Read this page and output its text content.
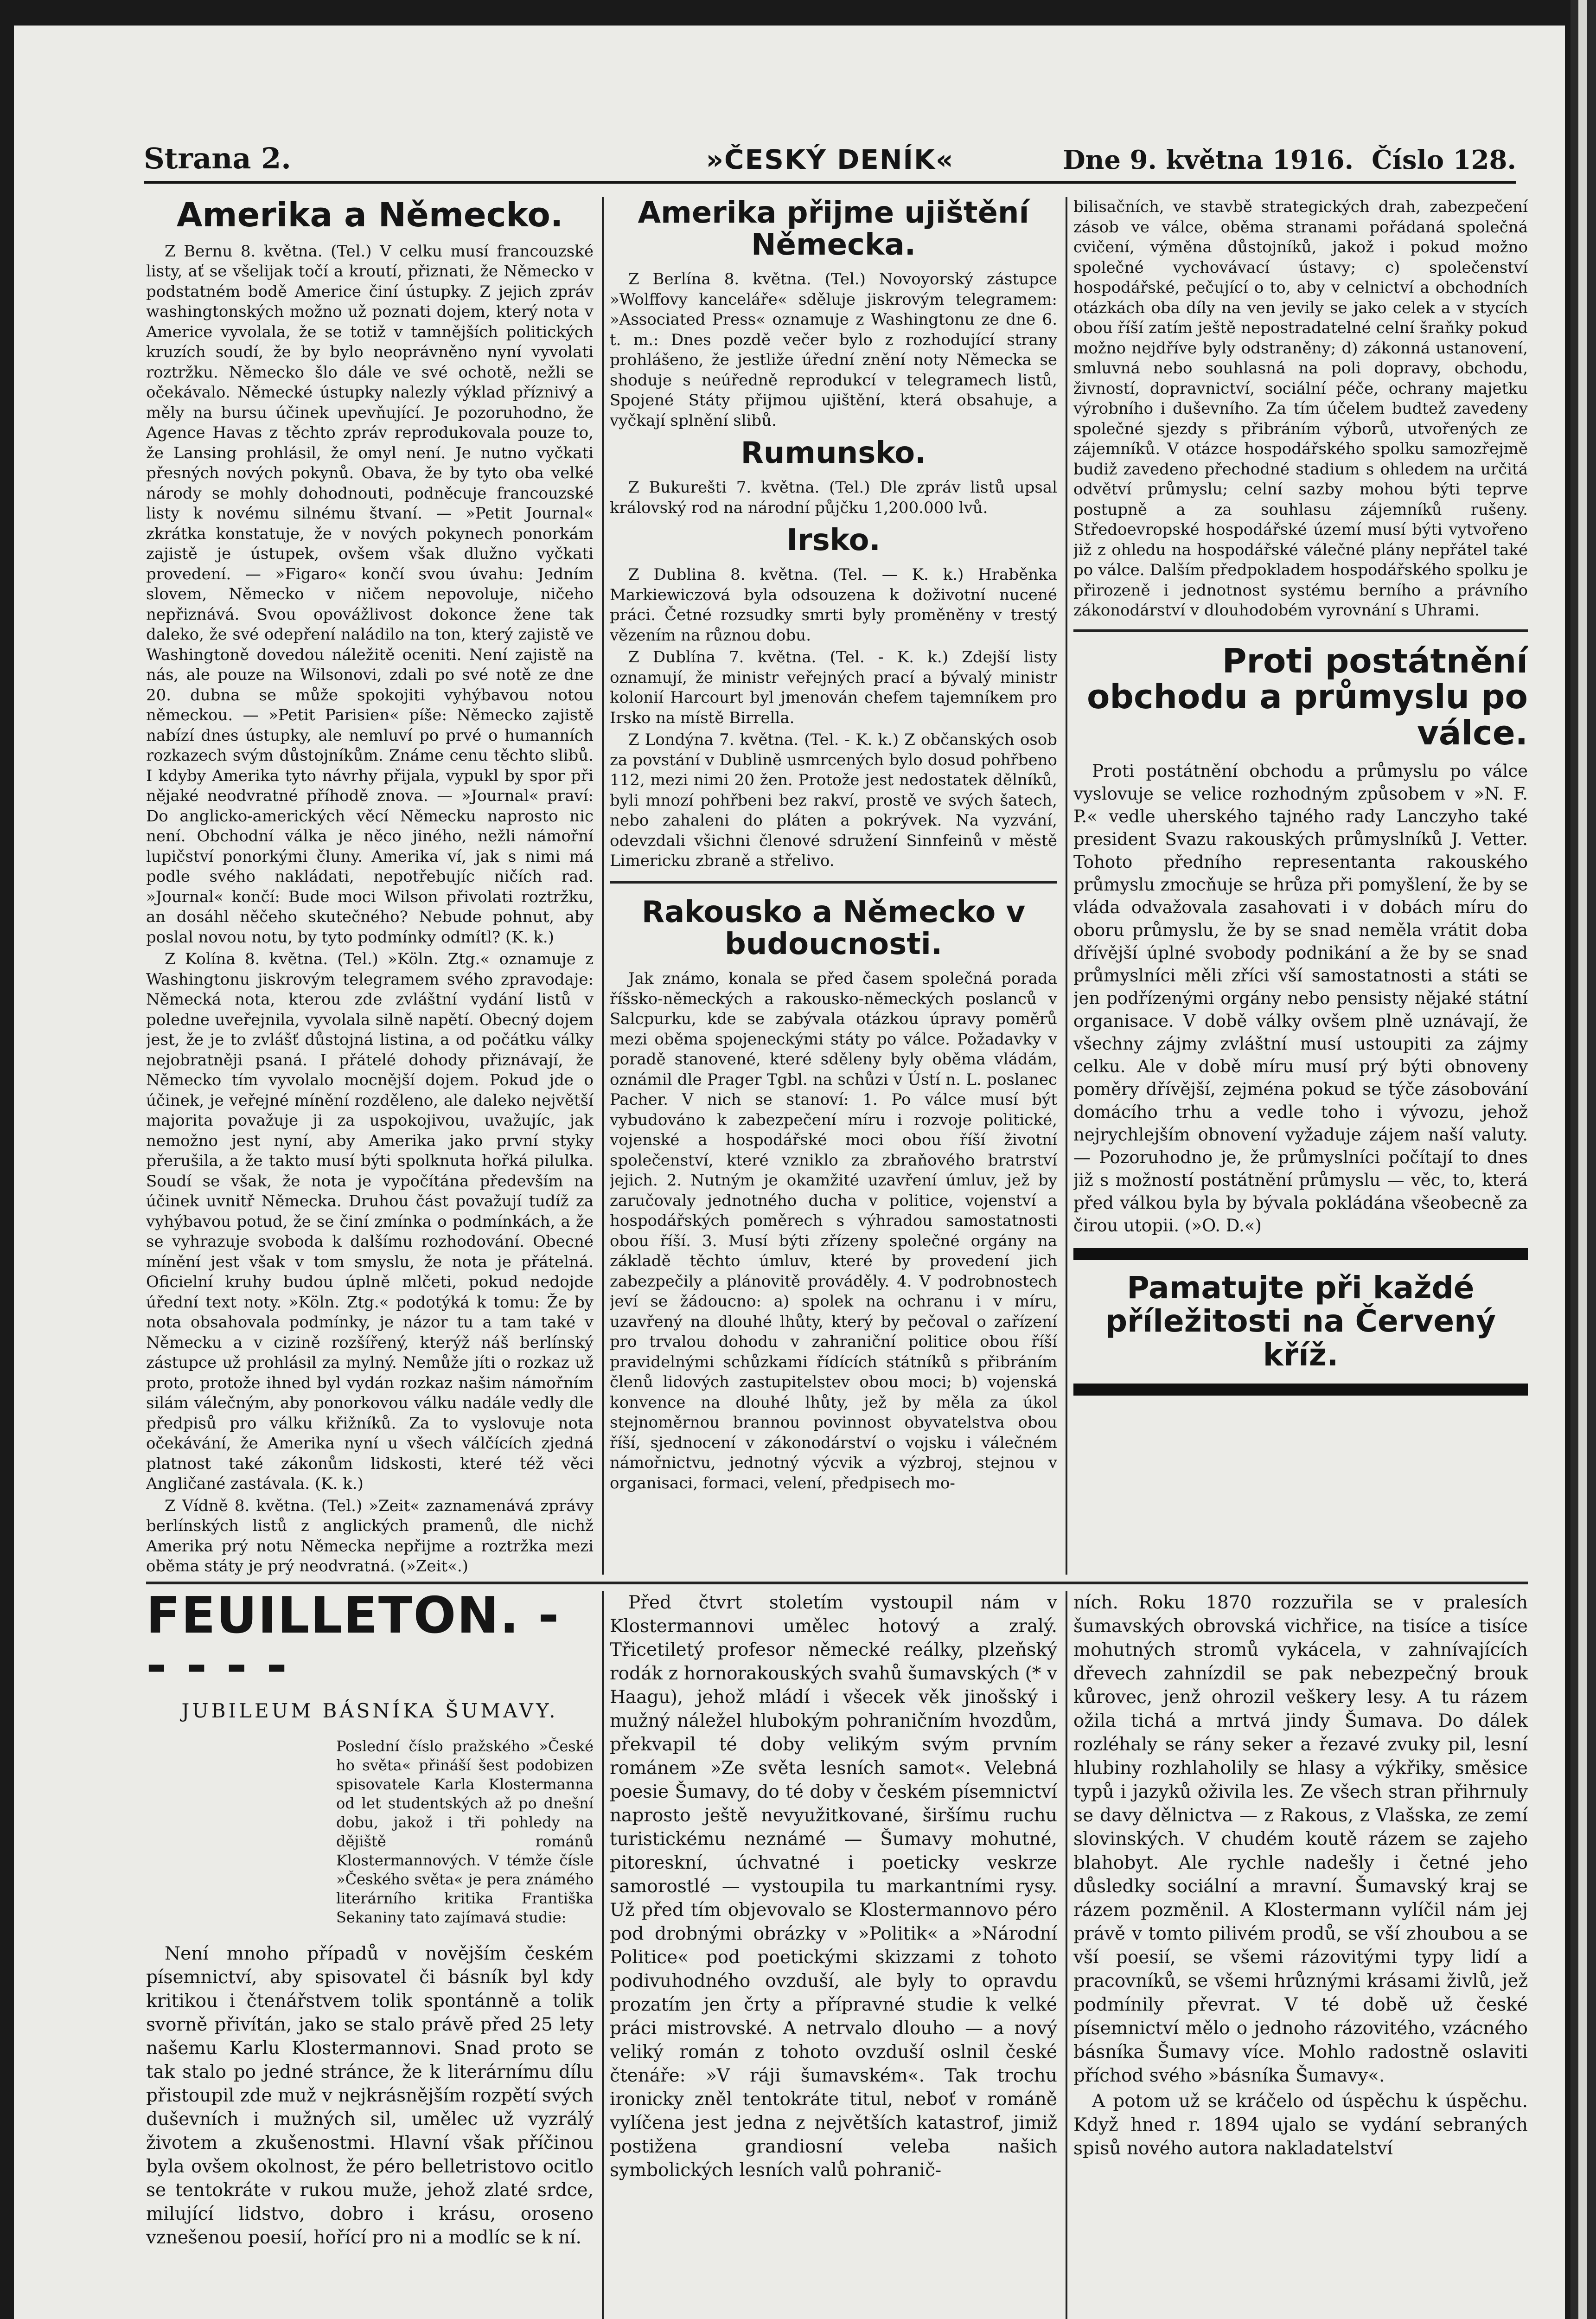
Strana 2.	»ČESKÝ DENÍK«	Dne 9. května 1916. Číslo 128.
Amerika a Německo.

Z Bernu 8. května. (Tel.) V celku musí francouzské listy, ať se všelijak točí a kroutí, přiznati, že Německo v podstatném bodě Americe činí ústupky. Z jejich zpráv washingtonských možno už poznati dojem, který nota v Americe vyvolala, že se totiž v tamnějších politických kruzích soudí, že by bylo neoprávněno nyní vyvolati roztržku. Německo šlo dále ve své ochotě, nežli se očekávalo. Německé ústupky nalezly výklad příznivý a měly na bursu účinek upevňující. Je pozoruhodno, že Agence Havas z těchto zpráv reprodukovala pouze to, že Lansing prohlásil, že omyl není. Je nutno vyčkati přesných nových pokynů. Obava, že by tyto oba velké národy se mohly dohodnouti, podněcuje francouzské listy k novému silnému štvaní. — »Petit Journal« zkrátka konstatuje, že v nových pokynech ponorkám zajistě je ústupek, ovšem však dlužno vyčkati provedení. — »Figaro« končí svou úvahu: Jedním slovem, Německo v ničem nepovoluje, ničeho nepřiznává. Svou opovážlivost dokonce žene tak daleko, že své odepření naládilo na ton, který zajistě ve Washingtoně dovedou náležitě oceniti. Není zajistě na nás, ale pouze na Wilsonovi, zdali po své notě ze dne 20. dubna se může spokojiti vyhýbavou notou německou. — »Petit Parisien« píše: Německo zajistě nabízí dnes ústupky, ale nemluví po prvé o humanních rozkazech svým důstojníkům. Známe cenu těchto slibů. I kdyby Amerika tyto návrhy přijala, vypukl by spor při nějaké neodvratné příhodě znova. — »Journal« praví: Do anglicko-amerických věcí Německu naprosto nic není. Obchodní válka je něco jiného, nežli námořní lupičství ponorkými čluny. Amerika ví, jak s nimi má podle svého nakládati, nepotřebujíc ničích rad. »Journal« končí: Bude moci Wilson přivolati roztržku, an dosáhl něčeho skutečného? Nebude pohnut, aby poslal novou notu, by tyto podmínky odmítl? (K. k.)

Z Kolína 8. května. (Tel.) »Köln. Ztg.« oznamuje z Washingtonu jiskrovým telegramem svého zpravodaje: Německá nota, kterou zde zvláštní vydání listů v poledne uveřejnila, vyvolala silně napětí. Obecný dojem jest, že je to zvlášť důstojná listina, a od počátku války nejobratněji psaná. I přátelé dohody přiznávají, že Německo tím vyvolalo mocnější dojem. Pokud jde o účinek, je veřejné mínění rozděleno, ale daleko největší majorita považuje ji za uspokojivou, uvažujíc, jak nemožno jest nyní, aby Amerika jako první styky přerušila, a že takto musí býti spolknuta hořká pilulka. Soudí se však, že nota je vypočítána především na účinek uvnitř Německa. Druhou část považují tudíž za vyhýbavou potud, že se činí zmínka o podmínkách, a že se vyhrazuje svoboda k dalšímu rozhodování. Obecné mínění jest však v tom smyslu, že nota je přátelná. Oficielní kruhy budou úplně mlčeti, pokud nedojde úřední text noty. »Köln. Ztg.« podotýká k tomu: Že by nota obsahovala podmínky, je názor tu a tam také v Německu a v cizině rozšířený, kterýž náš berlínský zástupce už prohlásil za mylný. Nemůže jíti o rozkaz už proto, protože ihned byl vydán rozkaz našim námořním silám válečným, aby ponorkovou válku nadále vedly dle předpisů pro válku křižníků. Za to vyslovuje nota očekávání, že Amerika nyní u všech válčících zjedná platnost také zákonům lidskosti, které též věci Angličané zastávala. (K. k.)

Z Vídně 8. května. (Tel.) »Zeit« zaznamenává zprávy berlínských listů z anglických pramenů, dle nichž Amerika prý notu Německa nepřijme a roztržka mezi oběma státy je prý neodvratná. (»Zeit«.)

Amerika přijme ujištění Německa.

Z Berlína 8. května. (Tel.) Novoyorský zástupce »Wolffovy kanceláře« sděluje jiskrovým telegramem: »Associated Press« oznamuje z Washingtonu ze dne 6. t. m.: Dnes pozdě večer bylo z rozhodující strany prohlášeno, že jestliže úřední znění noty Německa se shoduje s neúředně reprodukcí v telegramech listů, Spojené Státy přijmou ujištění, která obsahuje, a vyčkají splnění slibů.

Rumunsko.

Z Bukurešti 7. května. (Tel.) Dle zpráv listů upsal královský rod na národní půjčku 1,200.000 lvů.

Irsko.

Z Dublina 8. května. (Tel. — K. k.) Hraběnka Markiewiczová byla odsouzena k doživotní nucené práci. Četné rozsudky smrti byly proměněny v trestý vězením na různou dobu.

Z Dublína 7. května. (Tel. - K. k.) Zdejší listy oznamují, že ministr veřejných prací a bývalý ministr kolonií Harcourt byl jmenován chefem tajemníkem pro Irsko na místě Birrella.

Z Londýna 7. května. (Tel. - K. k.) Z občanských osob za povstání v Dublině usmrcených bylo dosud pohřbeno 112, mezi nimi 20 žen. Protože jest nedostatek dělníků, byli mnozí pohřbeni bez rakví, prostě ve svých šatech, nebo zahaleni do pláten a pokrývek. Na vyzvání, odevzdali všichni členové sdružení Sinnfeinů v městě Limericku zbraně a střelivo.

Rakousko a Německo v budoucnosti.

Jak známo, konala se před časem společná porada říšsko-německých a rakousko-německých poslanců v Salcpurku, kde se zabývala otázkou úpravy poměrů mezi oběma spojeneckými státy po válce. Požadavky v poradě stanovené, které sděleny byly oběma vládám, oznámil dle Prager Tgbl. na schůzi v Ústí n. L. poslanec Pacher. V nich se stanoví: 1. Po válce musí být vybudováno k zabezpečení míru i rozvoje politické, vojenské a hospodářské moci obou říší životní společenství, které vzniklo za zbraňového bratrství jejich. 2. Nutným je okamžité uzavření úmluv, jež by zaručovaly jednotného ducha v politice, vojenství a hospodářských poměrech s výhradou samostatnosti obou říší. 3. Musí býti zřízeny společné orgány na základě těchto úmluv, které by provedení jich zabezpečily a plánovitě prováděly. 4. V podrobnostech jeví se žádoucno: a) spolek na ochranu i v míru, uzavřený na dlouhé lhůty, který by pečoval o zařízení pro trvalou dohodu v zahraniční politice obou říší pravidelnými schůzkami řídících státníků s přibráním členů lidových zastupitelstev obou moci; b) vojenská konvence na dlouhé lhůty, jež by měla za úkol stejnoměrnou brannou povinnost obyvatelstva obou říší, sjednocení v zákonodárství o vojsku i válečném námořnictvu, jednotný výcvik a výzbroj, stejnou v organisaci, formaci, velení, předpisech mo-

bilisačních, ve stavbě strategických drah, zabezpečení zásob ve válce, oběma stranami pořádaná společná cvičení, výměna důstojníků, jakož i pokud možno společné vychovávací ústavy; c) společenství hospodářské, pečující o to, aby v celnictví a obchodních otázkách oba díly na ven jevily se jako celek a v stycích obou říší zatím ještě nepostradatelné celní šraňky pokud možno nejdříve byly odstraněny; d) zákonná ustanovení, smluvná nebo souhlasná na poli dopravy, obchodu, živností, dopravnictví, sociální péče, ochrany majetku výrobního i duševního. Za tím účelem budtež zavedeny společné sjezdy s přibráním výborů, utvořených ze zájemníků. V otázce hospodářského spolku samozřejmě budiž zavedeno přechodné stadium s ohledem na určitá odvětví průmyslu; celní sazby mohou býti teprve postupně a za souhlasu zájemníků rušeny. Středoevropské hospodářské území musí býti vytvořeno již z ohledu na hospodářské válečné plány nepřátel také po válce. Dalším předpokladem hospodářského spolku je přirozeně i jednotnost systému berního a právního zákonodárství v dlouhodobém vyrovnání s Uhrami.

Proti postátnění obchodu a průmyslu po válce.

Proti postátnění obchodu a průmyslu po válce vyslovuje se velice rozhodným způsobem v »N. F. P.« vedle uherského tajného rady Lanczyho také president Svazu rakouských průmyslníků J. Vetter. Tohoto předního representanta rakouského průmyslu zmocňuje se hrůza při pomyšlení, že by se vláda odvažovala zasahovati i v dobách míru do oboru průmyslu, že by se snad neměla vrátit doba dřívější úplné svobody podnikání a že by se snad průmyslníci měli zříci vší samostatnosti a státi se jen podřízenými orgány nebo pensisty nějaké státní organisace. V době války ovšem plně uznávají, že všechny zájmy zvláštní musí ustoupiti za zájmy celku. Ale v době míru musí prý býti obnoveny poměry dřívější, zejména pokud se týče zásobování domácího trhu a vedle toho i vývozu, jehož nejrychlejším obnovení vyžaduje zájem naší valuty. — Pozoruhodno je, že průmyslníci počítají to dnes již s možností postátnění průmyslu — věc, to, která před válkou byla by bývala pokládána všeobecně za čirou utopii. (»O. D.«)

Pamatujte při každé příležitosti na Červený kříž.
FEUILLETON. - - - - -
JUBILEUM BÁSNÍKA ŠUMAVY.

Poslední číslo pražského »České ho světa« přináší šest podobizen spisovatele Karla Klostermanna od let studentských až po dnešní dobu, jakož i tři pohledy na dějiště románů Klostermannových. V témže čísle »Českého světa« je pera známého literárního kritika Františka Sekaniny tato zajímavá studie:

Není mnoho případů v novějším českém písemnictví, aby spisovatel či básník byl kdy kritikou i čtenářstvem tolik spontánně a tolik svorně přivítán, jako se stalo právě před 25 lety našemu Karlu Klostermannovi. Snad proto se tak stalo po jedné stránce, že k literárnímu dílu přistoupil zde muž v nejkrásnějším rozpětí svých duševních i mužných sil, umělec už vyzrálý životem a zkušenostmi. Hlavní však příčinou byla ovšem okolnost, že péro belletristovo ocitlo se tentokráte v rukou muže, jehož zlaté srdce, milující lidstvo, dobro i krásu, oroseno vznešenou poesií, hořící pro ni a modlíc se k ní.

Před čtvrt stoletím vystoupil nám v Klostermannovi umělec hotový a zralý. Třicetiletý profesor německé reálky, plzeňský rodák z hornorakouských svahů šumavských (* v Haagu), jehož mládí i všecek věk jinošský i mužný náležel hlubokým pohraničním hvozdům, překvapil té doby velikým svým prvním románem »Ze světa lesních samot«. Velebná poesie Šumavy, do té doby v českém písemnictví naprosto ještě nevyužitkované, širšímu ruchu turistickému neznámé — Šumavy mohutné, pitoreskní, úchvatné i poeticky veskrze samorostlé — vystoupila tu markantními rysy. Už před tím objevovalo se Klostermannovo péro pod drobnými obrázky v »Politik« a »Národní Politice« pod poetickými skizzami z tohoto podivuhodného ovzduší, ale byly to opravdu prozatím jen črty a přípravné studie k velké práci mistrovské. A netrvalo dlouho — a nový veliký román z tohoto ovzduší oslnil české čtenáře: »V ráji šumavském«. Tak trochu ironicky zněl tentokráte titul, neboť v románě vylíčena jest jedna z největších katastrof, jimiž postižena grandiosní veleba našich symbolických lesních valů pohranič-

ních. Roku 1870 rozzuřila se v pralesích šumavských obrovská vichřice, na tisíce a tisíce mohutných stromů vykácela, v zahnívajících dřevech zahnízdil se pak nebezpečný brouk kůrovec, jenž ohrozil veškery lesy. A tu rázem ožila tichá a mrtvá jindy Šumava. Do dálek rozléhaly se rány seker a řezavé zvuky pil, lesní hlubiny rozhlaholily se hlasy a výkřiky, směsice typů i jazyků oživila les. Ze všech stran přihrnuly se davy dělnictva — z Rakous, z Vlašska, ze zemí slovinských. V chudém koutě rázem se zajeho blahobyt. Ale rychle nadešly i četné jeho důsledky sociální a mravní. Šumavský kraj se rázem pozměnil. A Klostermann vylíčil nám jej právě v tomto pilivém prodů, se vší zhoubou a se vší poesií, se všemi rázovitými typy lidí a pracovníků, se všemi hrůznými krásami živlů, jež podmínily převrat. V té době už české písemnictví mělo o jednoho rázovitého, vzácného básníka Šumavy více. Mohlo radostně oslaviti příchod svého »básníka Šumavy«.

A potom už se kráčelo od úspěchu k úspěchu. Když hned r. 1894 ujalo se vydání sebraných spisů nového autora nakladatelství
